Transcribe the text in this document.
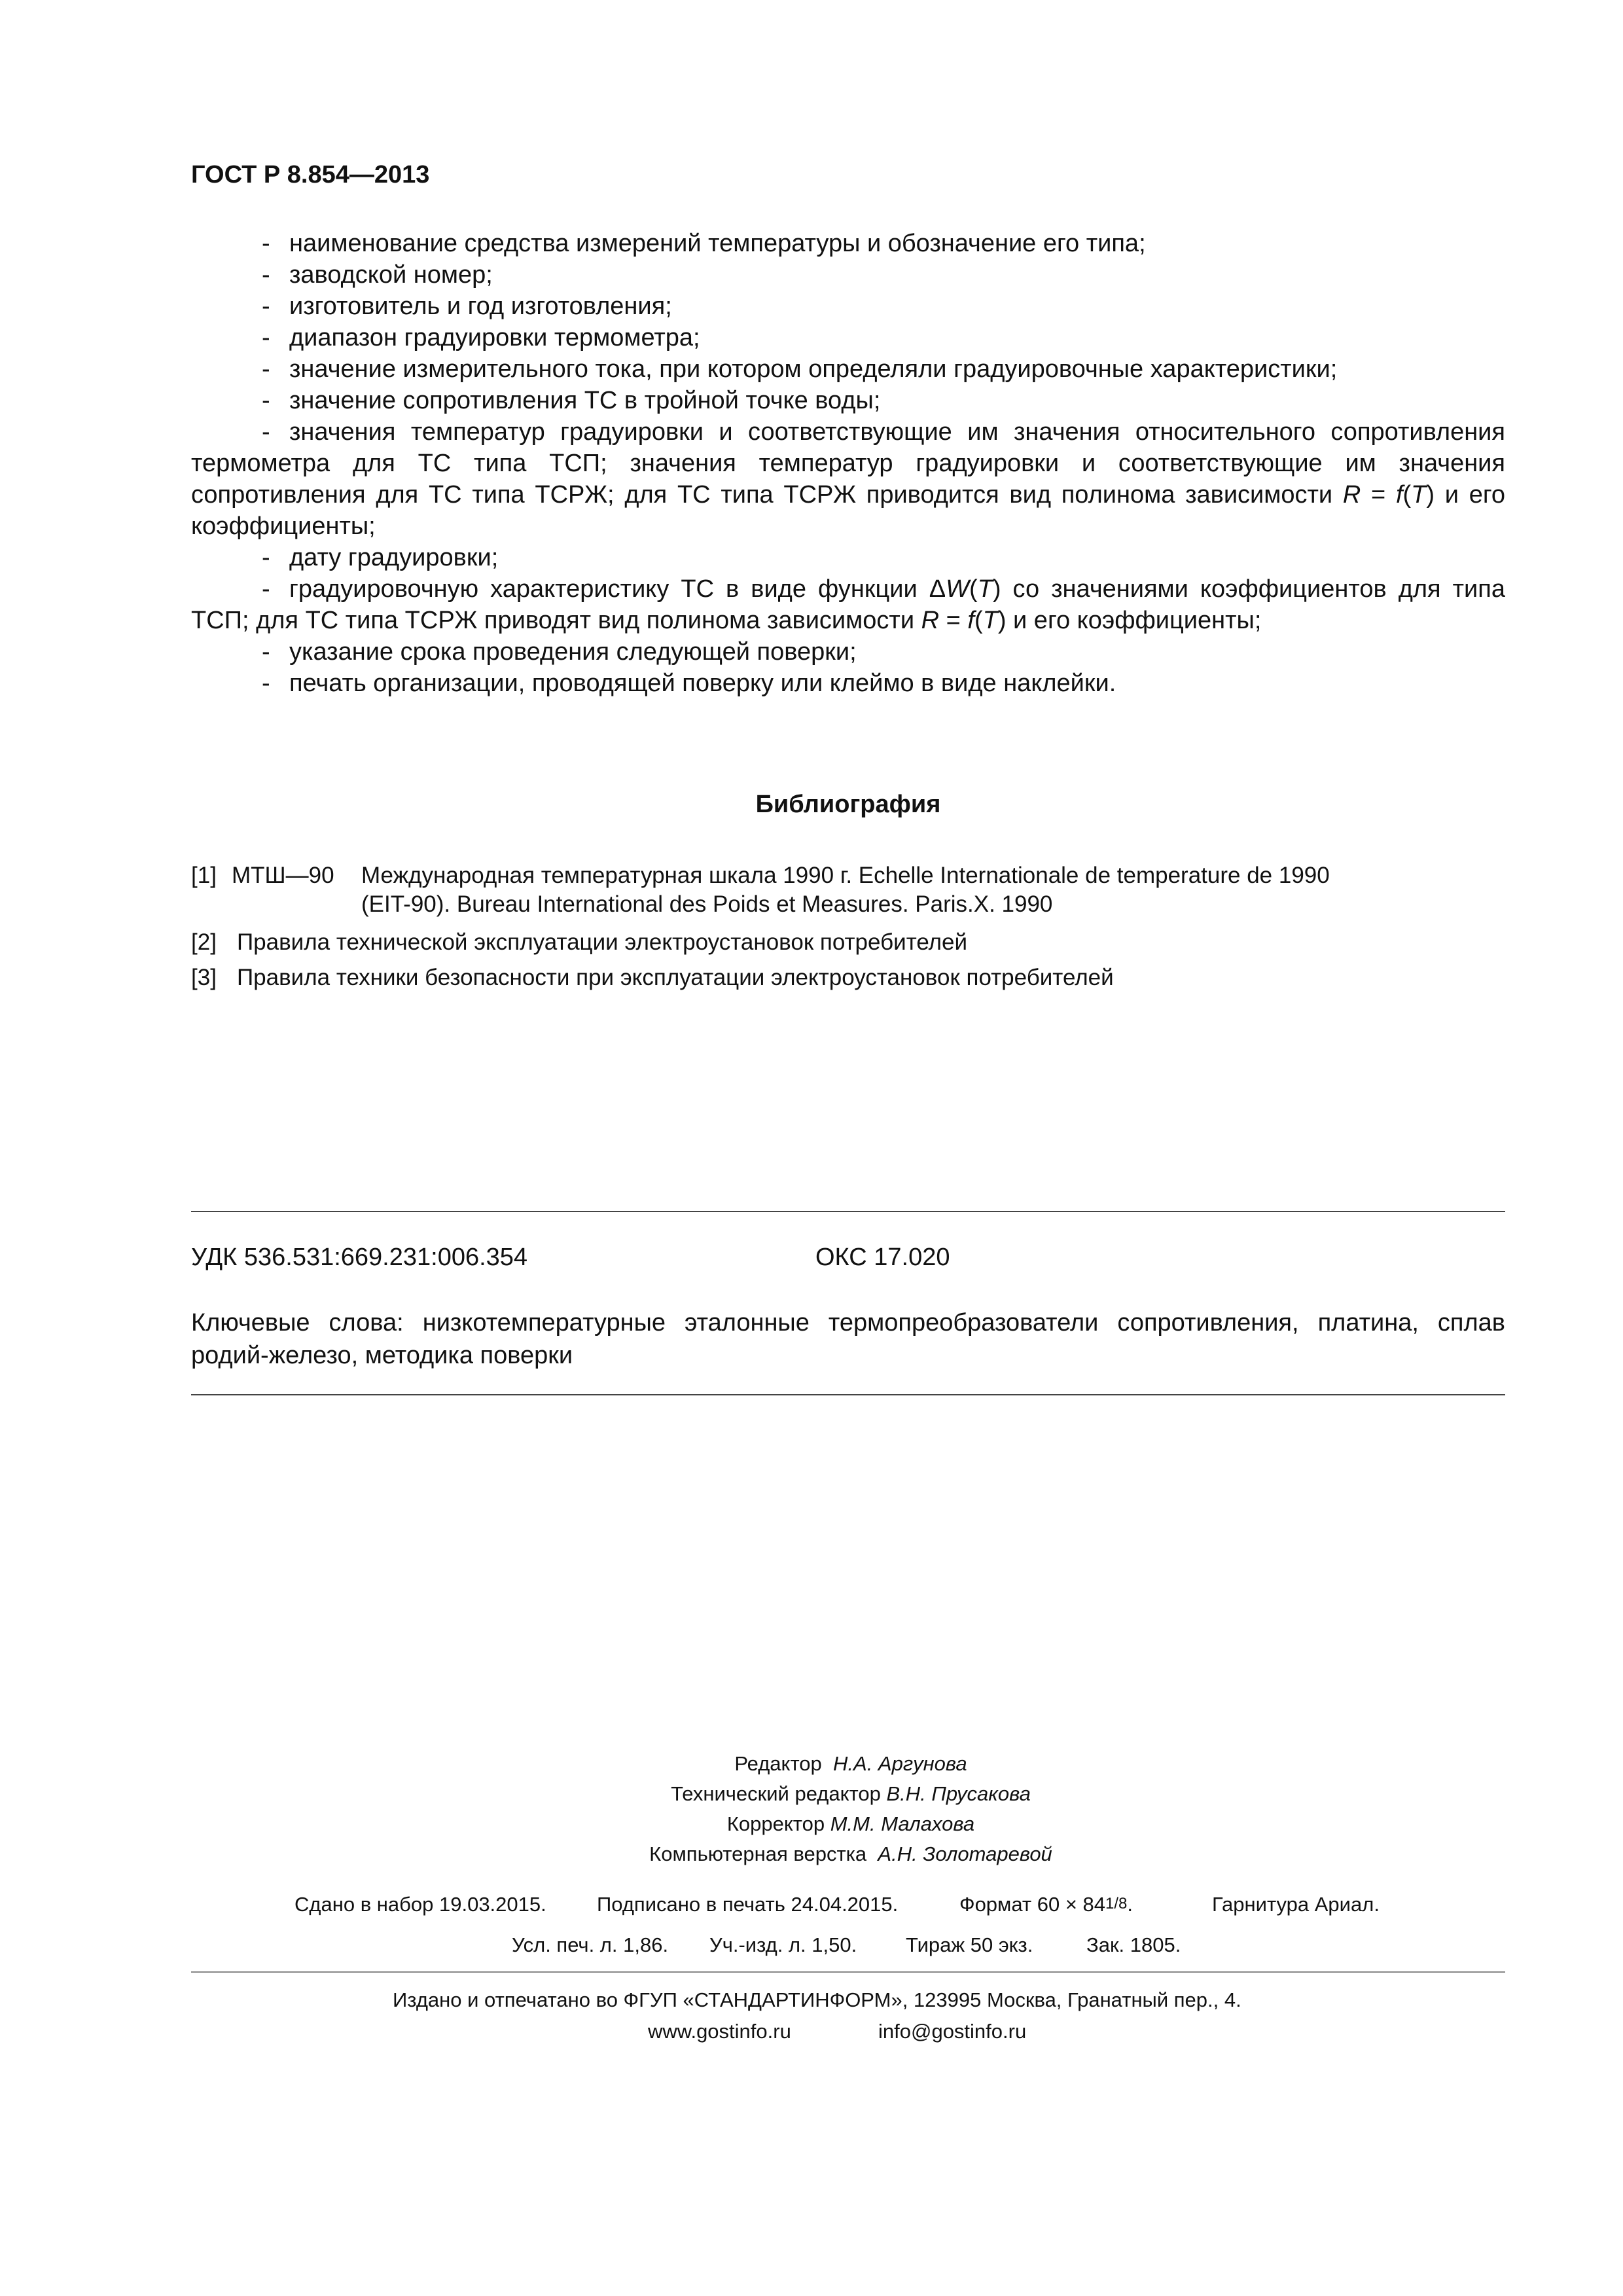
ГОСТ Р 8.854—2013
- наименование средства измерений температуры и обозначение его типа;
- заводской номер;
- изготовитель и год изготовления;
- диапазон градуировки термометра;
- значение измерительного тока, при котором определяли градуировочные характеристики;
- значение сопротивления ТС в тройной точке воды;
- значения температур градуировки и соответствующие им значения относительного сопротивления термометра для ТС типа ТСП; значения температур градуировки и соответствующие им значения сопротивления для ТС типа ТСРЖ; для ТС типа ТСРЖ приводится вид полинома зависимости R = f(T) и его коэффициенты;
- дату градуировки;
- градуировочную характеристику ТС в виде функции ΔW(T) со значениями коэффициентов для типа ТСП; для ТС типа ТСРЖ приводят вид полинома зависимости R = f(T) и его коэффициенты;
- указание срока проведения следующей поверки;
- печать организации, проводящей поверку или клеймо в виде наклейки.
Библиография
[1] МТШ—90 Международная температурная шкала 1990 г. Echelle Internationale de temperature de 1990
(EIT-90). Bureau International des Poids et Measures. Paris.X. 1990
[2] Правила технической эксплуатации электроустановок потребителей
[3] Правила техники безопасности при эксплуатации электроустановок потребителей
УДК 536.531:669.231:006.354	ОКС 17.020
Ключевые слова: низкотемпературные эталонные термопреобразователи сопротивления, платина, сплав родий-железо, методика поверки
Редактор Н.А. Аргунова
Технический редактор В.Н. Прусакова
Корректор М.М. Малахова
Компьютерная верстка А.Н. Золотаревой
Сдано в набор 19.03.2015. Подписано в печать 24.04.2015.	Формат 60 × 841/8.	Гарнитура Ариал.
Усл. печ. л. 1,86. Уч.-изд. л. 1,50. Тираж 50 экз.	Зак. 1805.
Издано и отпечатано во ФГУП «СТАНДАРТИНФОРМ», 123995 Москва, Гранатный пер., 4.
www.gostinfo.ru	info@gostinfo.ru
